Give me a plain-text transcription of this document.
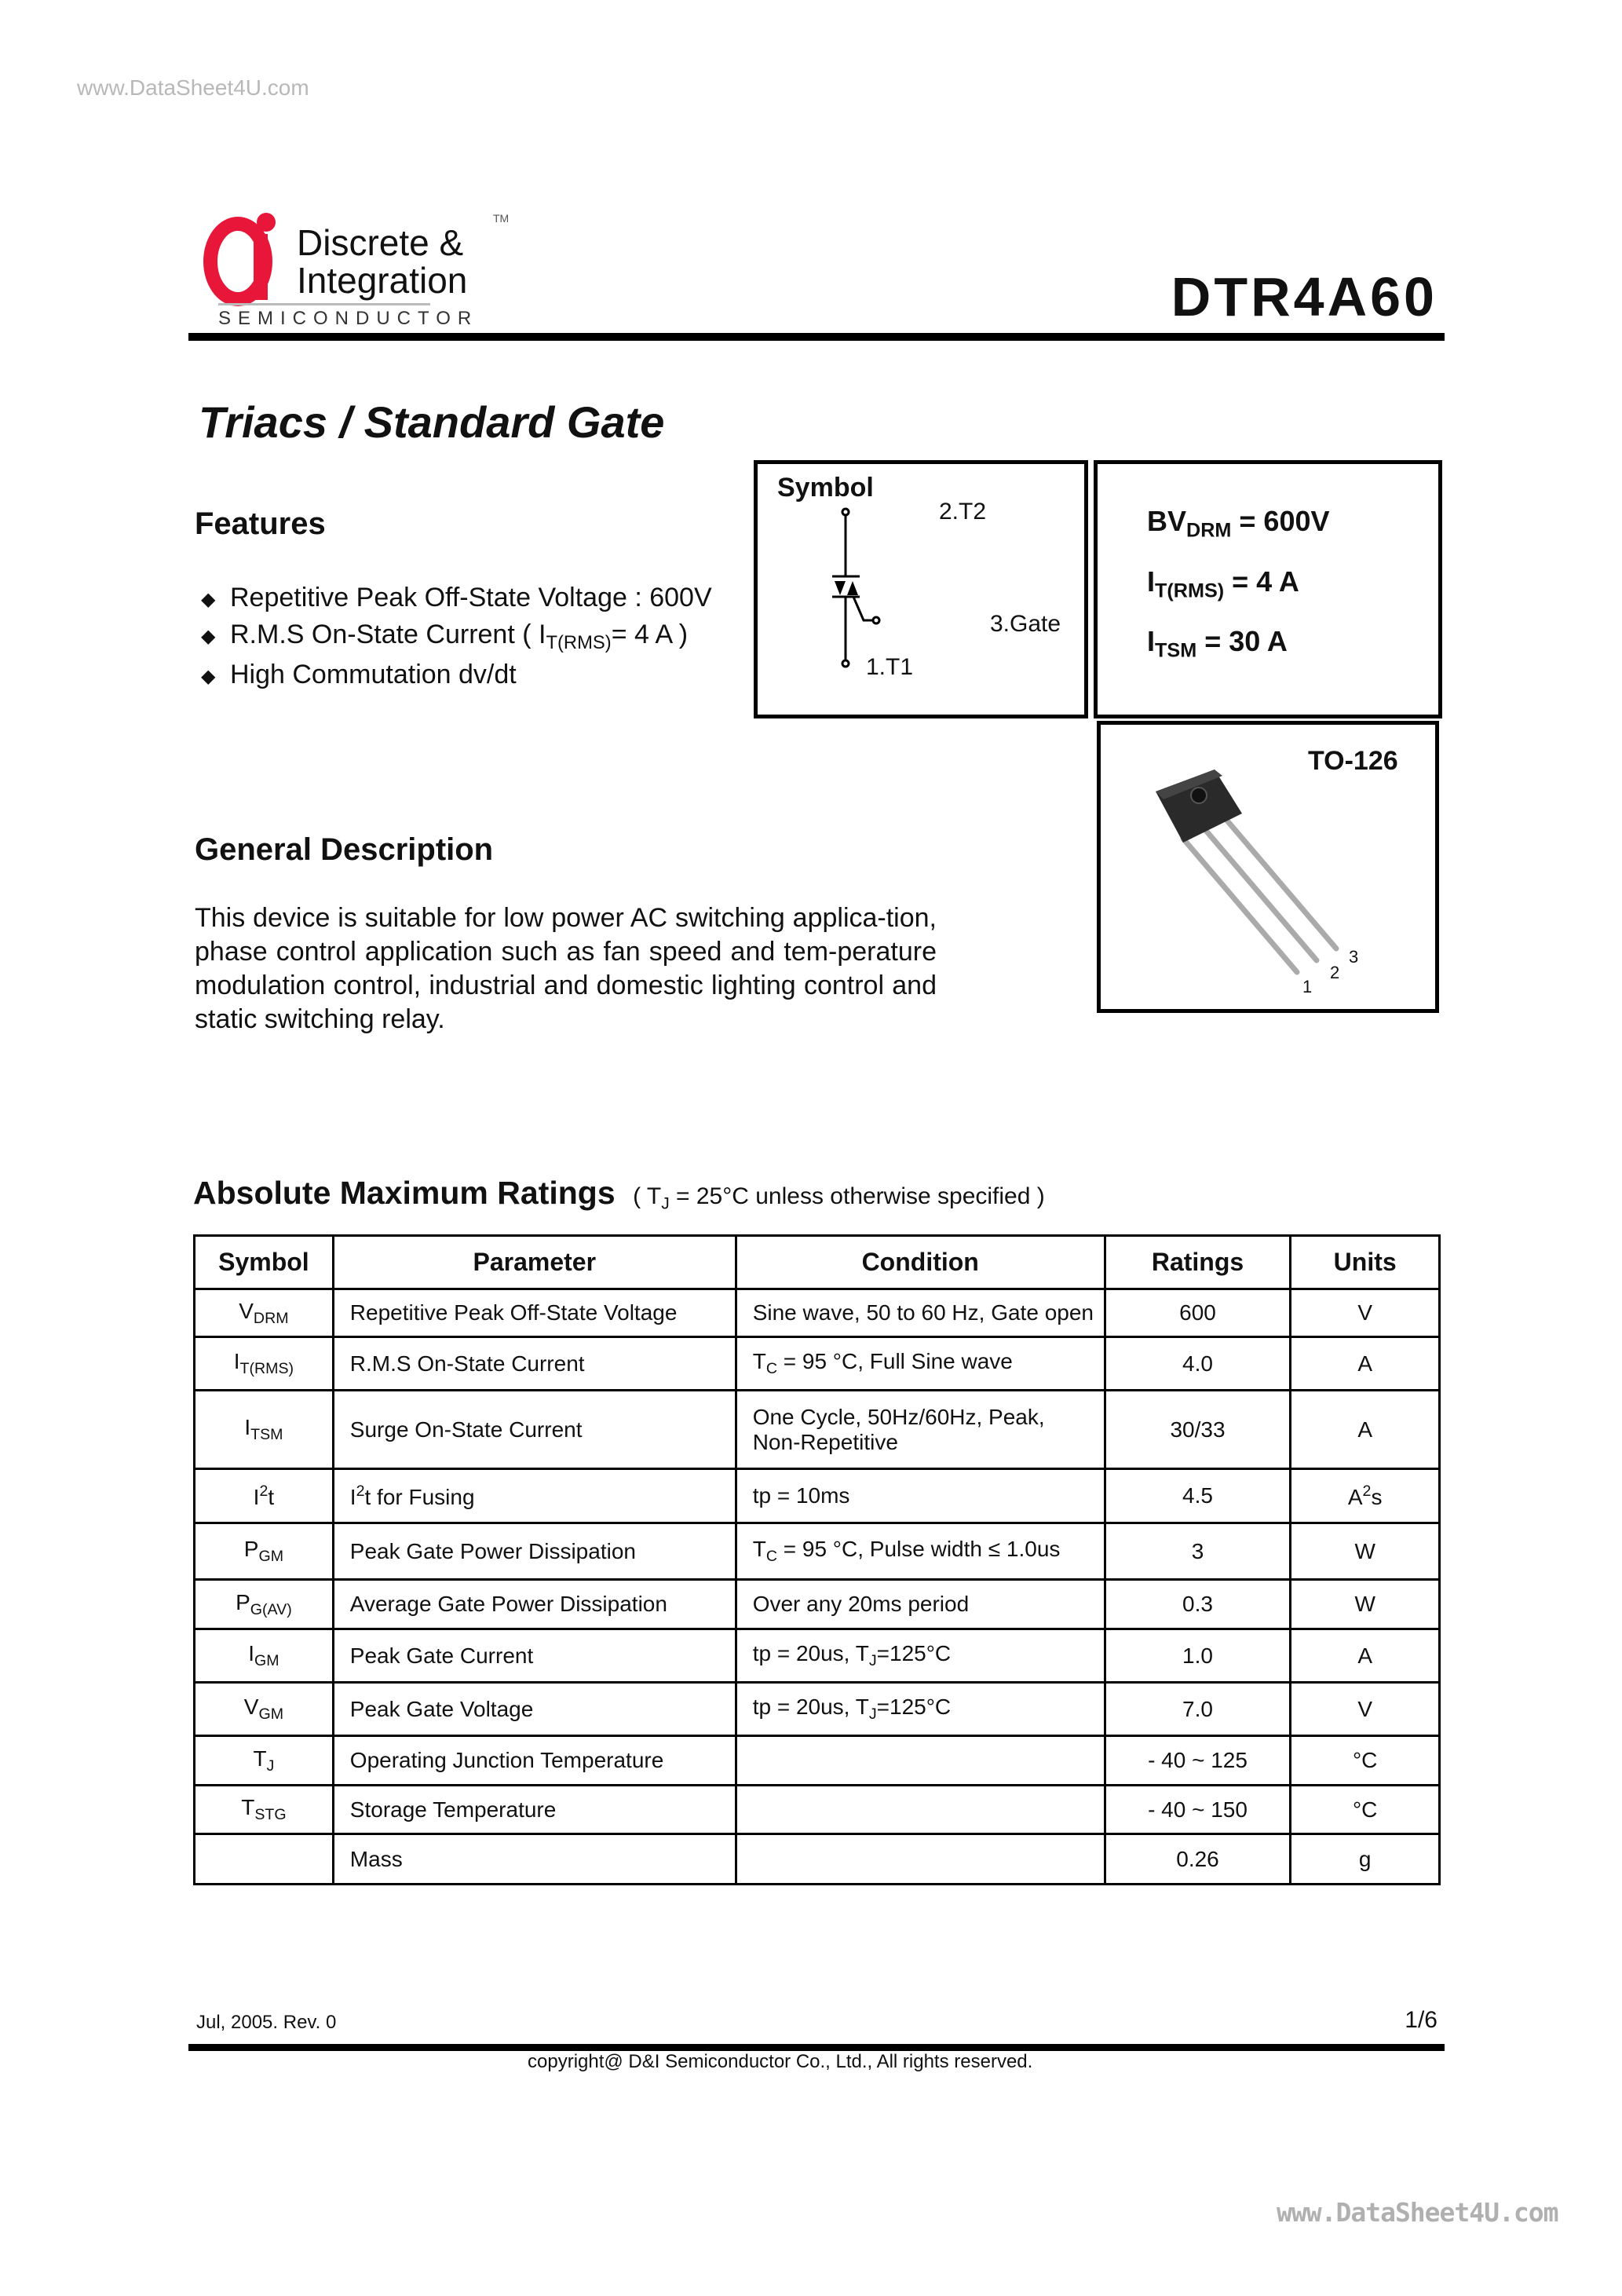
www.DataSheet4U.com
Discrete &
Integration
TM
SEMICONDUCTOR	DTR4A60
Triacs / Standard Gate
Features
◆ Repetitive Peak Off-State Voltage : 600V
◆ R.M.S On-State Current ( $I_{T(RMS)}= 4$ A )
◆ High Commutation dv/dt
Symbol
2.T2
3.Gate
1.T1
$BV_{DRM} = 600V$
$I_{T(RMS)} = 4$ A
$I_{TSM} = 30$ A
TO-126
1
2
3
General Description
This device is suitable for low power AC switching applica-tion, phase control application such as fan speed and tem-perature modulation control, industrial and domestic lighting control and static switching relay.
Absolute Maximum Ratings ( $T_J = 25^\circ C$ unless otherwise specified )
Symbol	Parameter	Condition	Ratings	Units
$V_{DRM}$	Repetitive Peak Off-State Voltage	Sine wave, 50 to 60 Hz, Gate open	600	V
$I_{T(RMS)}$	R.M.S On-State Current	$T_C = 95$ °C, Full Sine wave	4.0	A
$I_{TSM}$	Surge On-State Current	One Cycle, 50Hz/60Hz, Peak,
Non-Repetitive	30/33	A
$I^2t$	$I^2t$ for Fusing	tp = 10ms	4.5	$A^2s$
$P_{GM}$	Peak Gate Power Dissipation	$T_C = 95$ °C, Pulse width ≤ 1.0us	3	W
$P_{G(AV)}$	Average Gate Power Dissipation	Over any 20ms period	0.3	W
$I_{GM}$	Peak Gate Current	tp = 20us, $T_J=125^\circ C$	1.0	A
$V_{GM}$	Peak Gate Voltage	tp = 20us, $T_J=125^\circ C$	7.0	V
$T_J$	Operating Junction Temperature		- 40 ~ 125	°C
$T_{STG}$	Storage Temperature		- 40 ~ 150	°C
	Mass		0.26	g
Jul, 2005. Rev. 0	1/6
copyright@ D&I Semiconductor Co., Ltd., All rights reserved.
www.DataSheet4U.com
